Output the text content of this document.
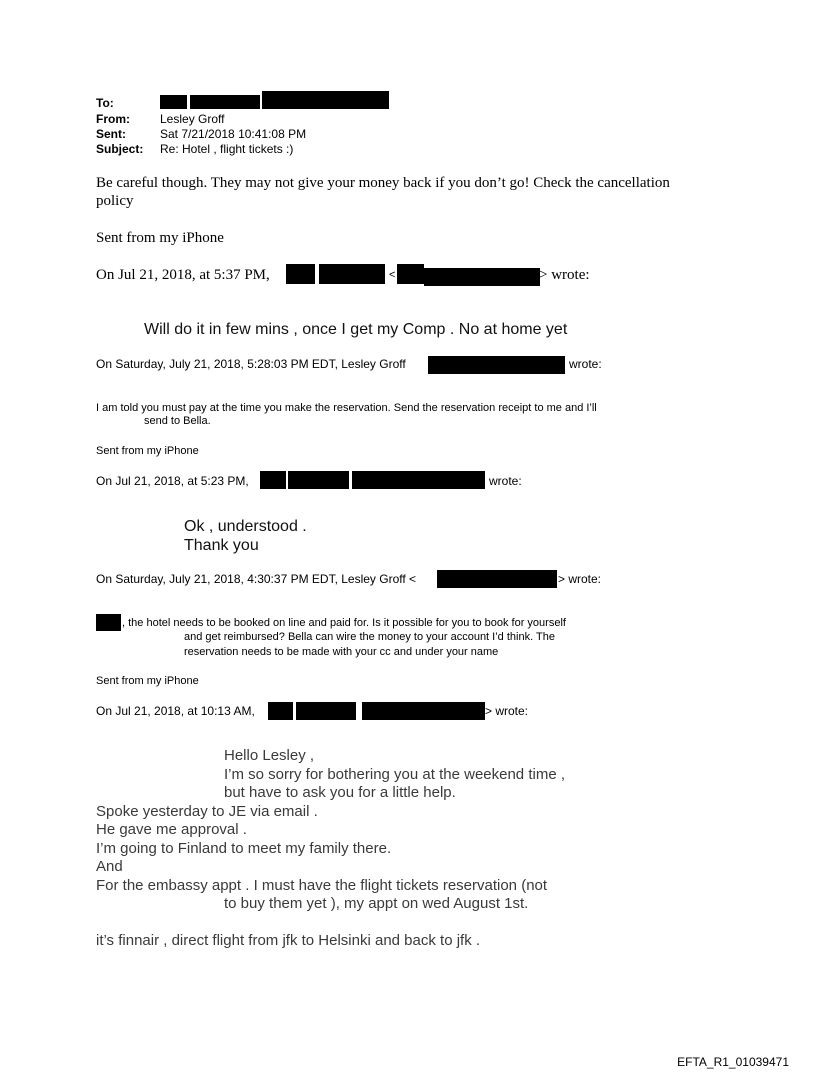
To:
From:	Lesley Groff
Sent:	Sat 7/21/2018 10:41:08 PM
Subject: Re: Hotel , flight tickets :)
Be careful though. They may not give your money back if you don’t go! Check the cancellation
policy
Sent from my iPhone
On Jul 21, 2018, at 5:37 PM,	<	> wrote:
Will do it in few mins , once I get my Comp . No at home yet
On Saturday, July 21, 2018, 5:28:03 PM EDT, Lesley Groff	wrote:
I am told you must pay at the time you make the reservation. Send the reservation receipt to me and I’ll
send to Bella.
Sent from my iPhone
On Jul 21, 2018, at 5:23 PM,	wrote:
Ok , understood .
Thank you
On Saturday, July 21, 2018, 4:30:37 PM EDT, Lesley Groff <	> wrote:
, the hotel needs to be booked on line and paid for. Is it possible for you to book for yourself
and get reimbursed? Bella can wire the money to your account I’d think. The
reservation needs to be made with your cc and under your name
Sent from my iPhone
On Jul 21, 2018, at 10:13 AM,	> wrote:
Hello Lesley ,
I’m so sorry for bothering you at the weekend time ,
but have to ask you for a little help.
Spoke yesterday to JE via email .
He gave me approval .
I’m going to Finland to meet my family there.
And
For the embassy appt . I must have the flight tickets reservation (not
to buy them yet ), my appt on wed August 1st.
it’s finnair , direct flight from jfk to Helsinki and back to jfk .
EFTA_R1_01039471
